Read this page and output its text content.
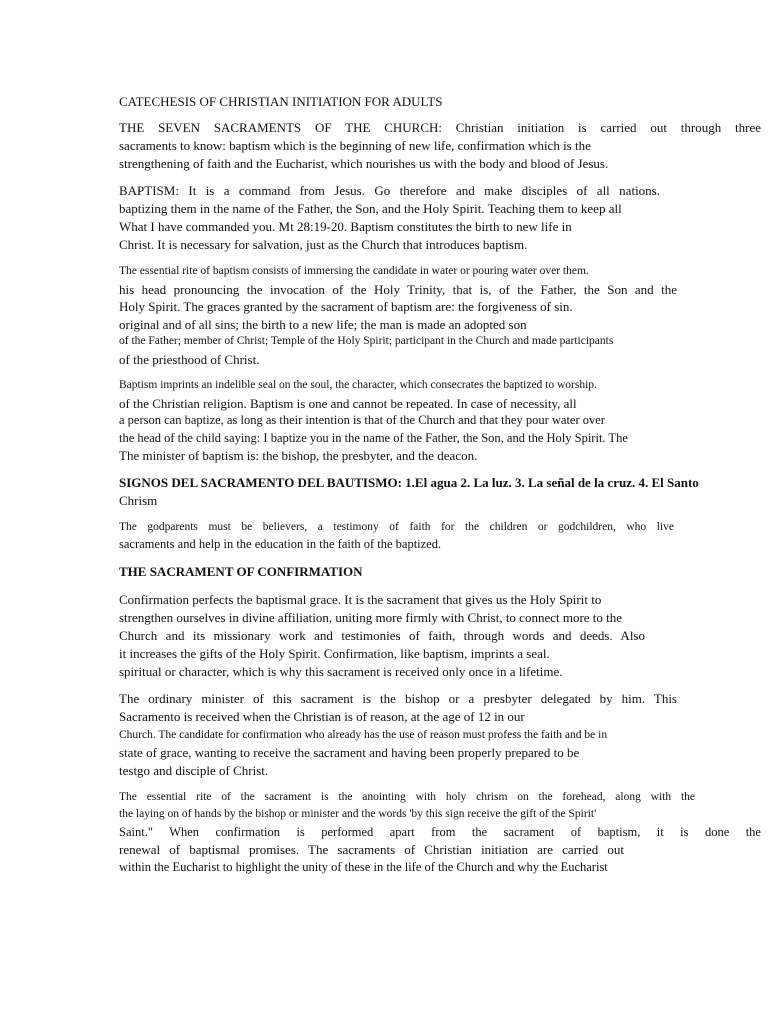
CATECHESIS OF CHRISTIAN INITIATION FOR ADULTS
THE SEVEN SACRAMENTS OF THE CHURCH: Christian initiation is carried out through three
sacraments to know: baptism which is the beginning of new life, confirmation which is the
strengthening of faith and the Eucharist, which nourishes us with the body and blood of Jesus.
BAPTISM: It is a command from Jesus. Go therefore and make disciples of all nations.
baptizing them in the name of the Father, the Son, and the Holy Spirit. Teaching them to keep all
What I have commanded you. Mt 28:19-20. Baptism constitutes the birth to new life in
Christ. It is necessary for salvation, just as the Church that introduces baptism.
The essential rite of baptism consists of immersing the candidate in water or pouring water over them.
his head pronouncing the invocation of the Holy Trinity, that is, of the Father, the Son and the
Holy Spirit. The graces granted by the sacrament of baptism are: the forgiveness of sin.
original and of all sins; the birth to a new life; the man is made an adopted son
of the Father; member of Christ; Temple of the Holy Spirit; participant in the Church and made participants
of the priesthood of Christ.
Baptism imprints an indelible seal on the soul, the character, which consecrates the baptized to worship.
of the Christian religion. Baptism is one and cannot be repeated. In case of necessity, all
a person can baptize, as long as their intention is that of the Church and that they pour water over
the head of the child saying: I baptize you in the name of the Father, the Son, and the Holy Spirit. The
The minister of baptism is: the bishop, the presbyter, and the deacon.
SIGNOS DEL SACRAMENTO DEL BAUTISMO: 1.El agua 2. La luz. 3. La señal de la cruz. 4. El Santo
Chrism
The godparents must be believers, a testimony of faith for the children or godchildren, who live
sacraments and help in the education in the faith of the baptized.
THE SACRAMENT OF CONFIRMATION
Confirmation perfects the baptismal grace. It is the sacrament that gives us the Holy Spirit to
strengthen ourselves in divine affiliation, uniting more firmly with Christ, to connect more to the
Church and its missionary work and testimonies of faith, through words and deeds. Also
it increases the gifts of the Holy Spirit. Confirmation, like baptism, imprints a seal.
spiritual or character, which is why this sacrament is received only once in a lifetime.
The ordinary minister of this sacrament is the bishop or a presbyter delegated by him. This
Sacramento is received when the Christian is of reason, at the age of 12 in our
Church. The candidate for confirmation who already has the use of reason must profess the faith and be in
state of grace, wanting to receive the sacrament and having been properly prepared to be
testgo and disciple of Christ.
The essential rite of the sacrament is the anointing with holy chrism on the forehead, along with the
the laying on of hands by the bishop or minister and the words 'by this sign receive the gift of the Spirit'
Saint." When confirmation is performed apart from the sacrament of baptism, it is done the
renewal of baptismal promises. The sacraments of Christian initiation are carried out
within the Eucharist to highlight the unity of these in the life of the Church and why the Eucharist
